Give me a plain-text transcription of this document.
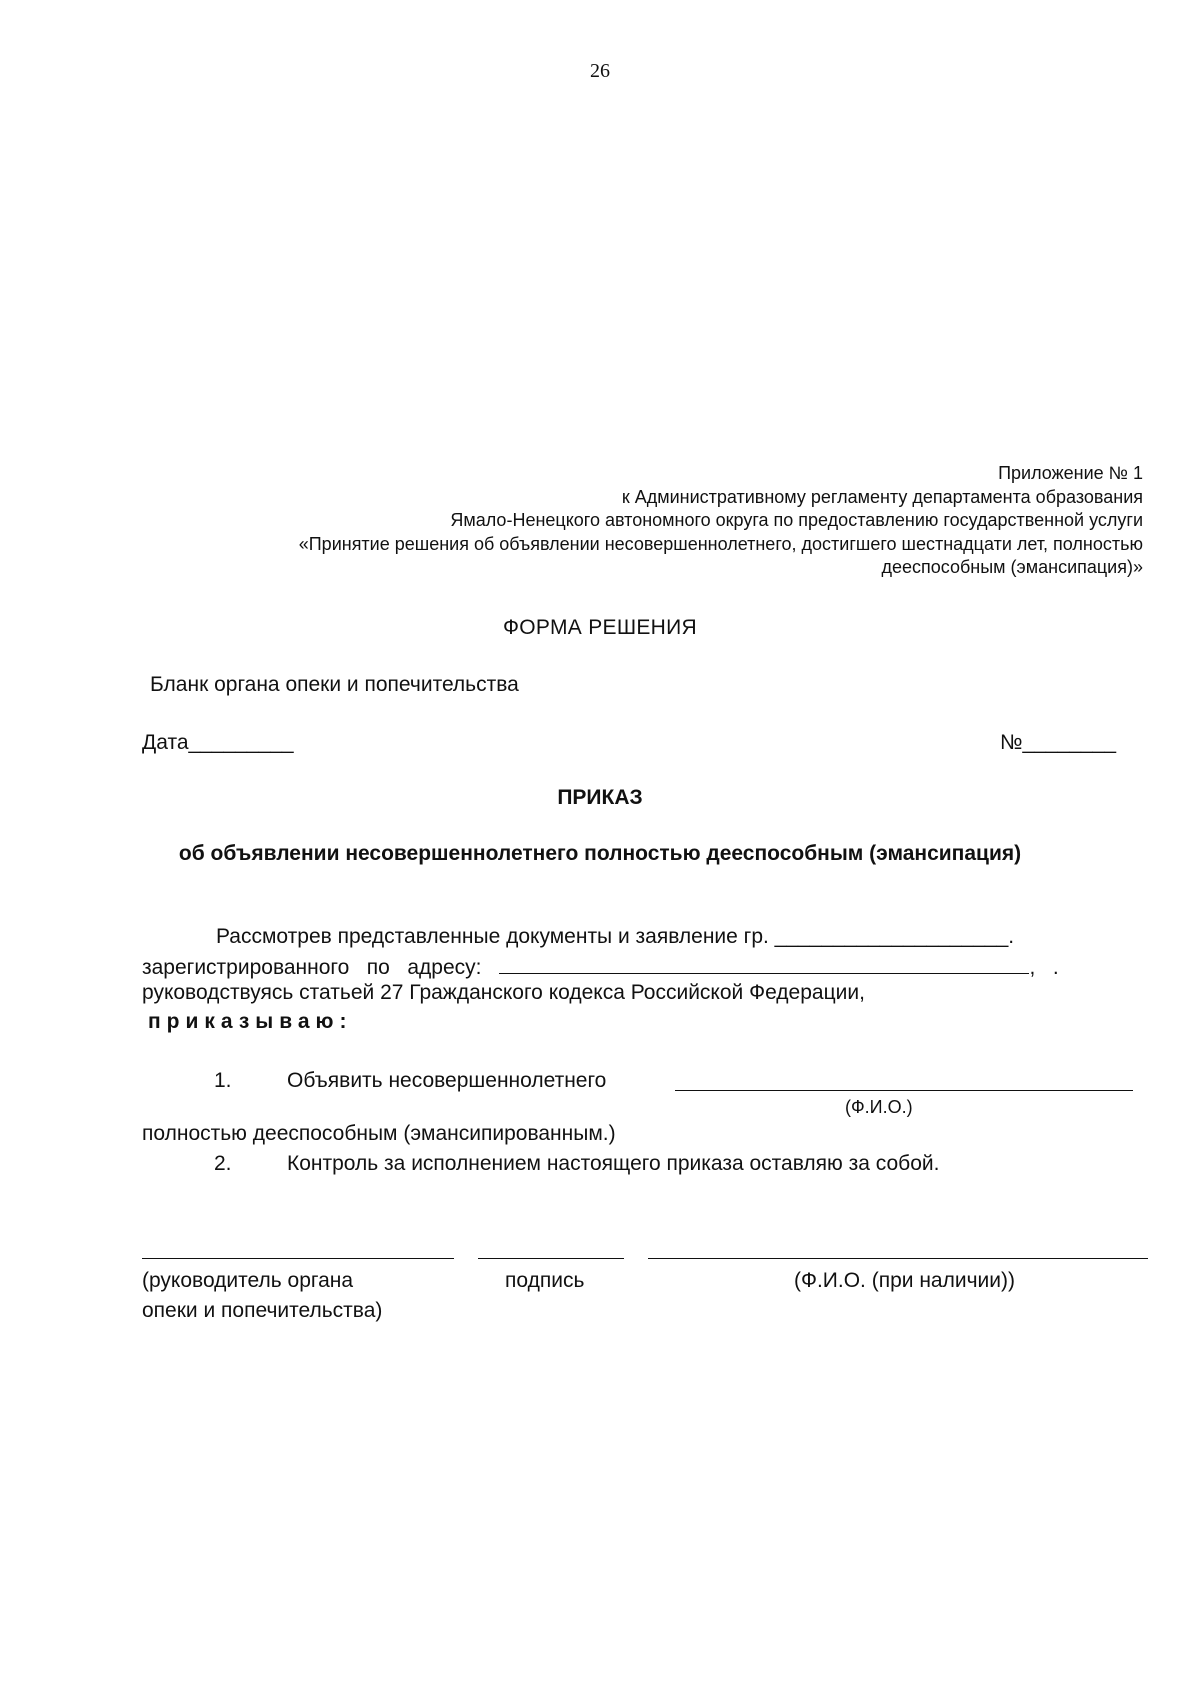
26
Приложение № 1
к Административному регламенту департамента образования
Ямало-Ненецкого автономного округа по предоставлению государственной услуги
«Принятие решения об объявлении несовершеннолетнего, достигшего шестнадцати лет, полностью
дееспособным (эмансипация)»
ФОРМА РЕШЕНИЯ
Бланк органа опеки и попечительства
Дата_________	№________
ПРИКАЗ
об объявлении несовершеннолетнего полностью дееспособным (эмансипация)
Рассмотрев представленные документы и заявление гр. ____________________.
зарегистрированного   по   адресу:	,   .
руководствуясь статьей 27 Гражданского кодекса Российской Федерации,
приказываю:
1.	Объявить несовершеннолетнего
(Ф.И.О.)
полностью дееспособным (эмансипированным.)
2.	Контроль за исполнением настоящего приказа оставляю за собой.
(руководитель органа
опеки и попечительства)
подпись	(Ф.И.О. (при наличии))
